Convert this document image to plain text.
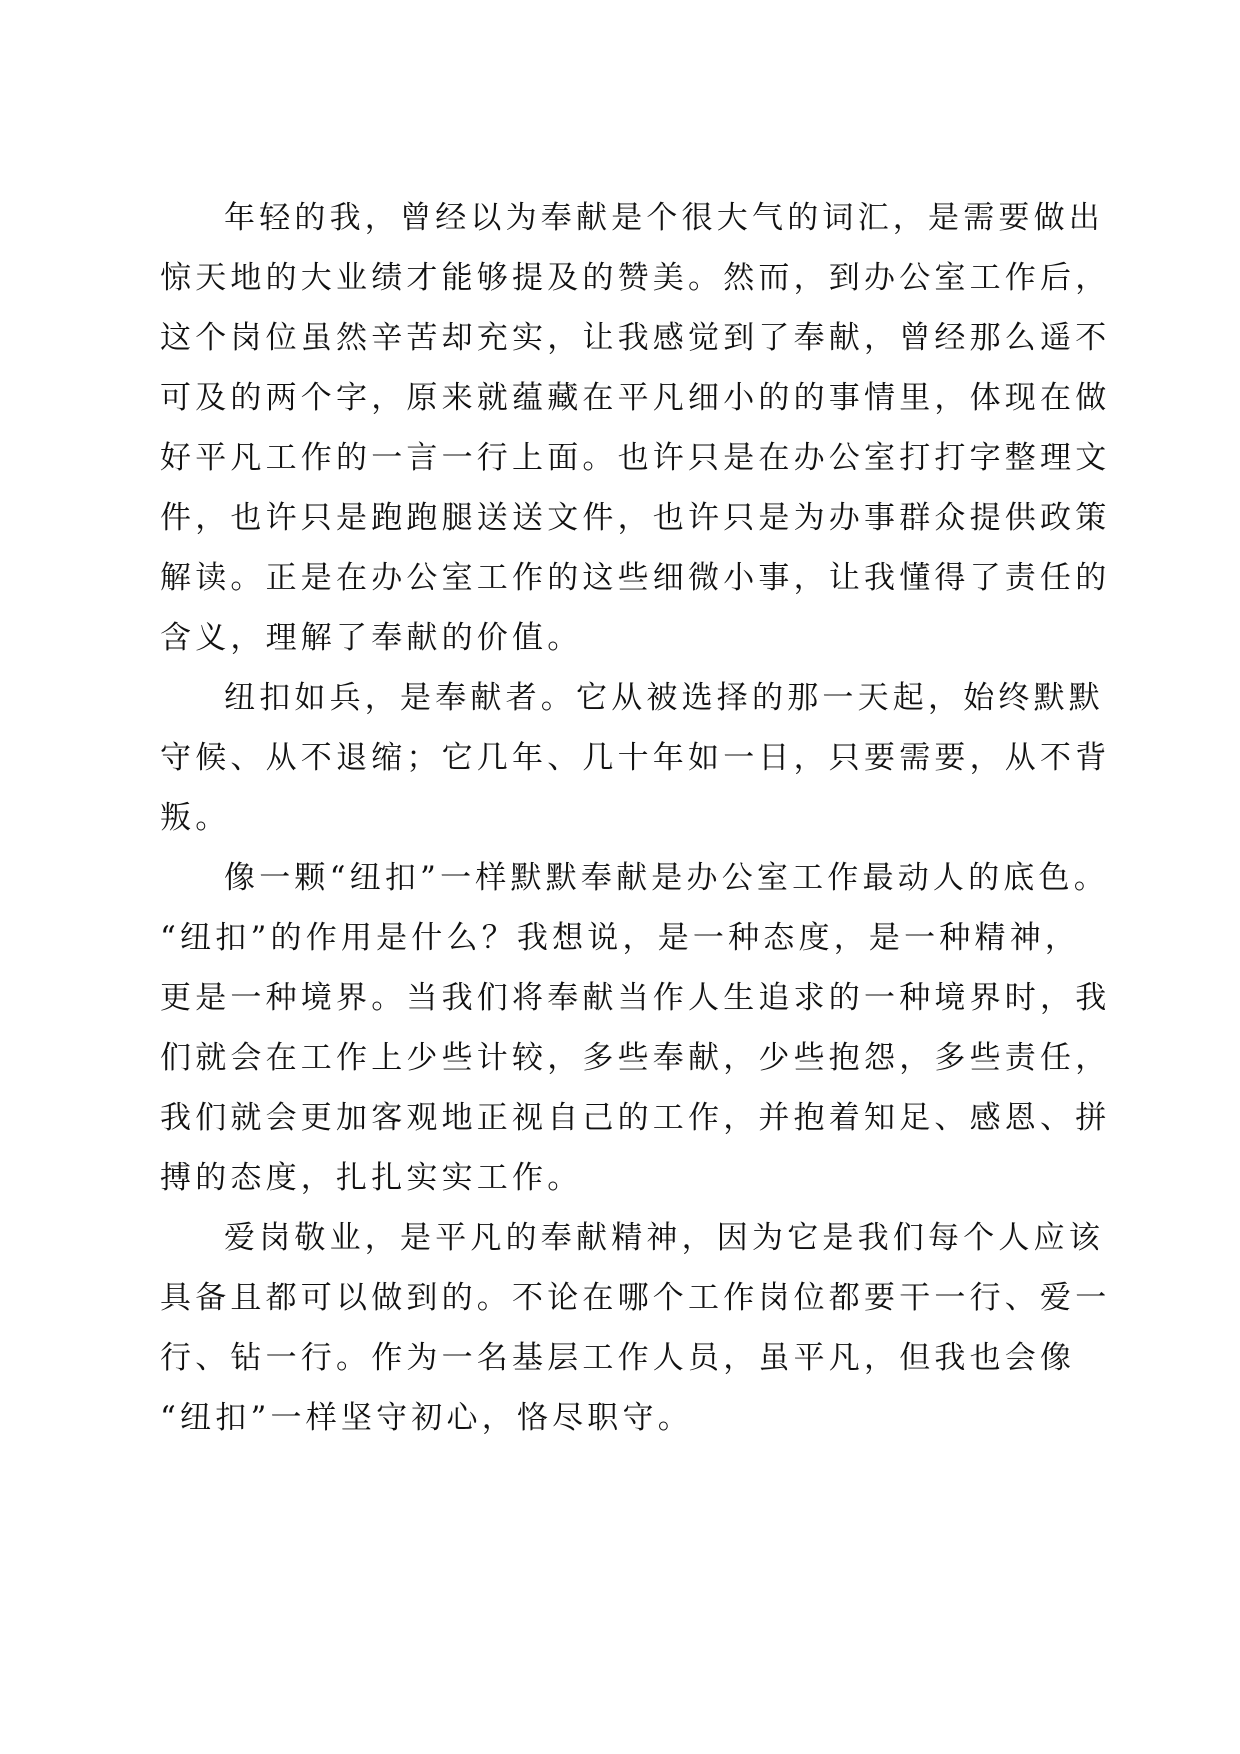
年轻的我，曾经以为奉献是个很大气的词汇，是需要做出
惊天地的大业绩才能够提及的赞美。然而，到办公室工作后，
这个岗位虽然辛苦却充实，让我感觉到了奉献，曾经那么遥不
可及的两个字，原来就蕴藏在平凡细小的的事情里，体现在做
好平凡工作的一言一行上面。也许只是在办公室打打字整理文
件，也许只是跑跑腿送送文件，也许只是为办事群众提供政策
解读。正是在办公室工作的这些细微小事，让我懂得了责任的
含义，理解了奉献的价值。
纽扣如兵，是奉献者。它从被选择的那一天起，始终默默
守候、从不退缩；它几年、几十年如一日，只要需要，从不背
叛。
像一颗“纽扣”一样默默奉献是办公室工作最动人的底色。
“纽扣”的作用是什么？我想说，是一种态度，是一种精神，
更是一种境界。当我们将奉献当作人生追求的一种境界时，我
们就会在工作上少些计较，多些奉献，少些抱怨，多些责任，
我们就会更加客观地正视自己的工作，并抱着知足、感恩、拼
搏的态度，扎扎实实工作。
爱岗敬业，是平凡的奉献精神，因为它是我们每个人应该
具备且都可以做到的。不论在哪个工作岗位都要干一行、爱一
行、钻一行。作为一名基层工作人员，虽平凡，但我也会像
“纽扣”一样坚守初心，恪尽职守。
